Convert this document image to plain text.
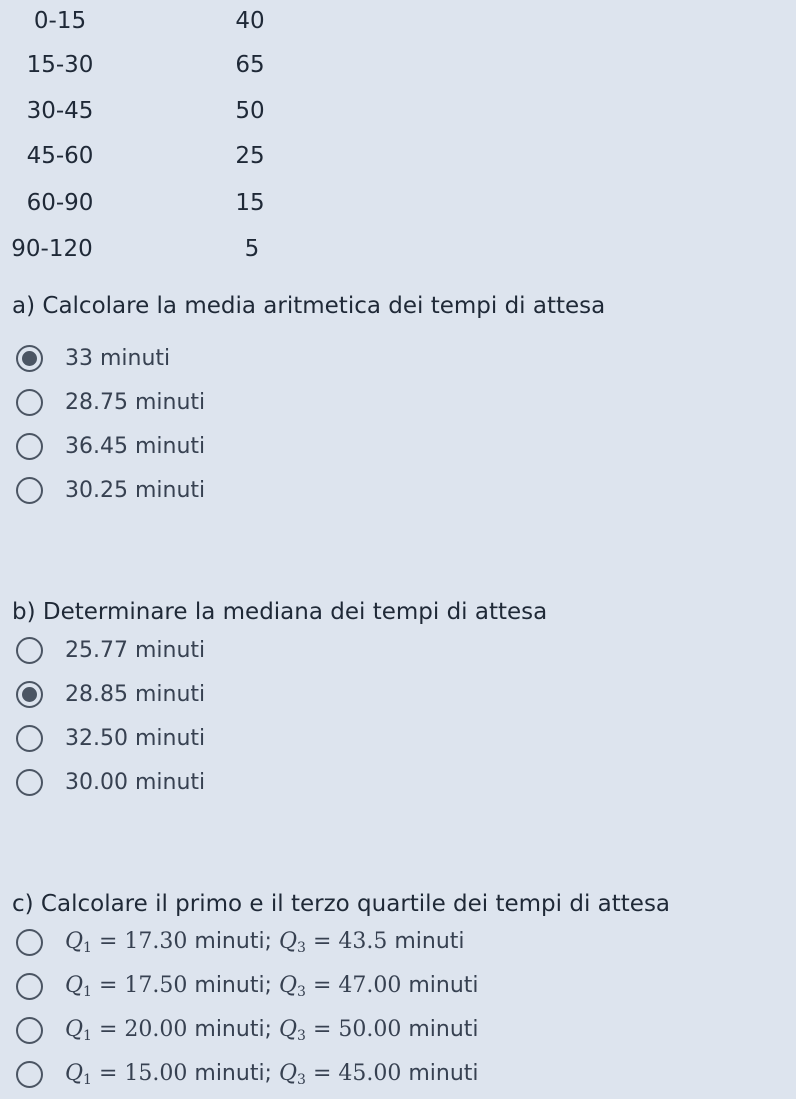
0-15	40
15-30	65
30-45	50
45-60	25
60-90	15
90-120	5
a) Calcolare la media aritmetica dei tempi di attesa
33 minuti
28.75 minuti
36.45 minuti
30.25 minuti
b) Determinare la mediana dei tempi di attesa
25.77 minuti
28.85 minuti
32.50 minuti
30.00 minuti
c) Calcolare il primo e il terzo quartile dei tempi di attesa
$Q_1 = 17.30$ minuti; $Q_3 = 43.5$ minuti
$Q_1 = 17.50$ minuti; $Q_3 = 47.00$ minuti
$Q_1 = 20.00$ minuti; $Q_3 = 50.00$ minuti
$Q_1 = 15.00$ minuti; $Q_3 = 45.00$ minuti
